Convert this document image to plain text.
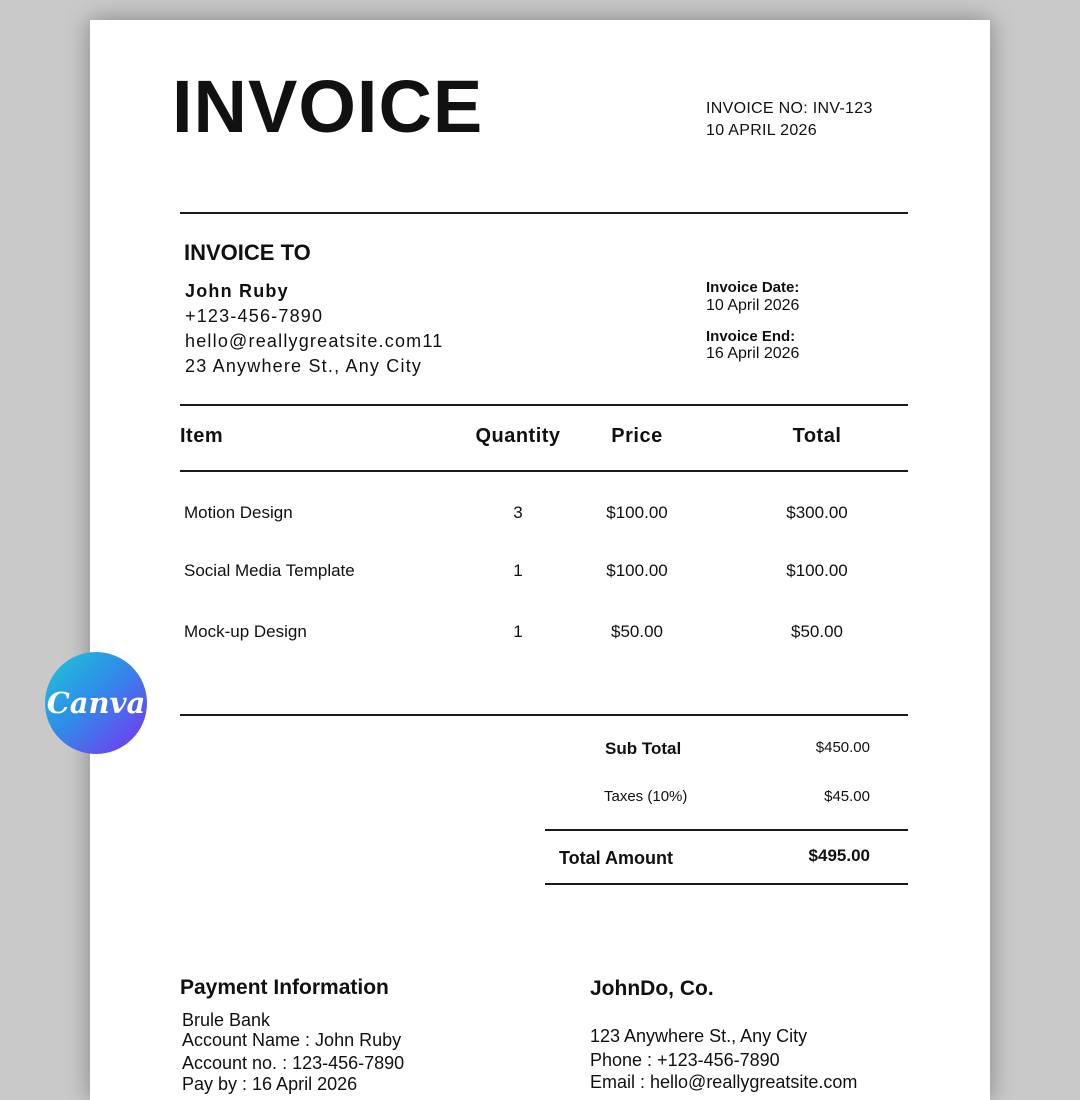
INVOICE	INVOICE NO: INV-123
10 APRIL 2026
INVOICE TO
John Ruby
+123-456-7890
hello@reallygreatsite.com11
23 Anywhere St., Any City
Invoice Date:
10 April 2026
Invoice End:
16 April 2026
Item	Quantity	Price	Total
Motion Design	3	$100.00	$300.00
Social Media Template	1	$100.00	$100.00
Mock-up Design	1	$50.00	$50.00
Sub Total	$450.00
Taxes (10%)	$45.00
Total Amount	$495.00
Payment Information
Brule Bank
Account Name : John Ruby
Account no. : 123-456-7890
Pay by : 16 April 2026
JohnDo, Co.
123 Anywhere St., Any City
Phone : +123-456-7890
Email : hello@reallygreatsite.com
Canva
